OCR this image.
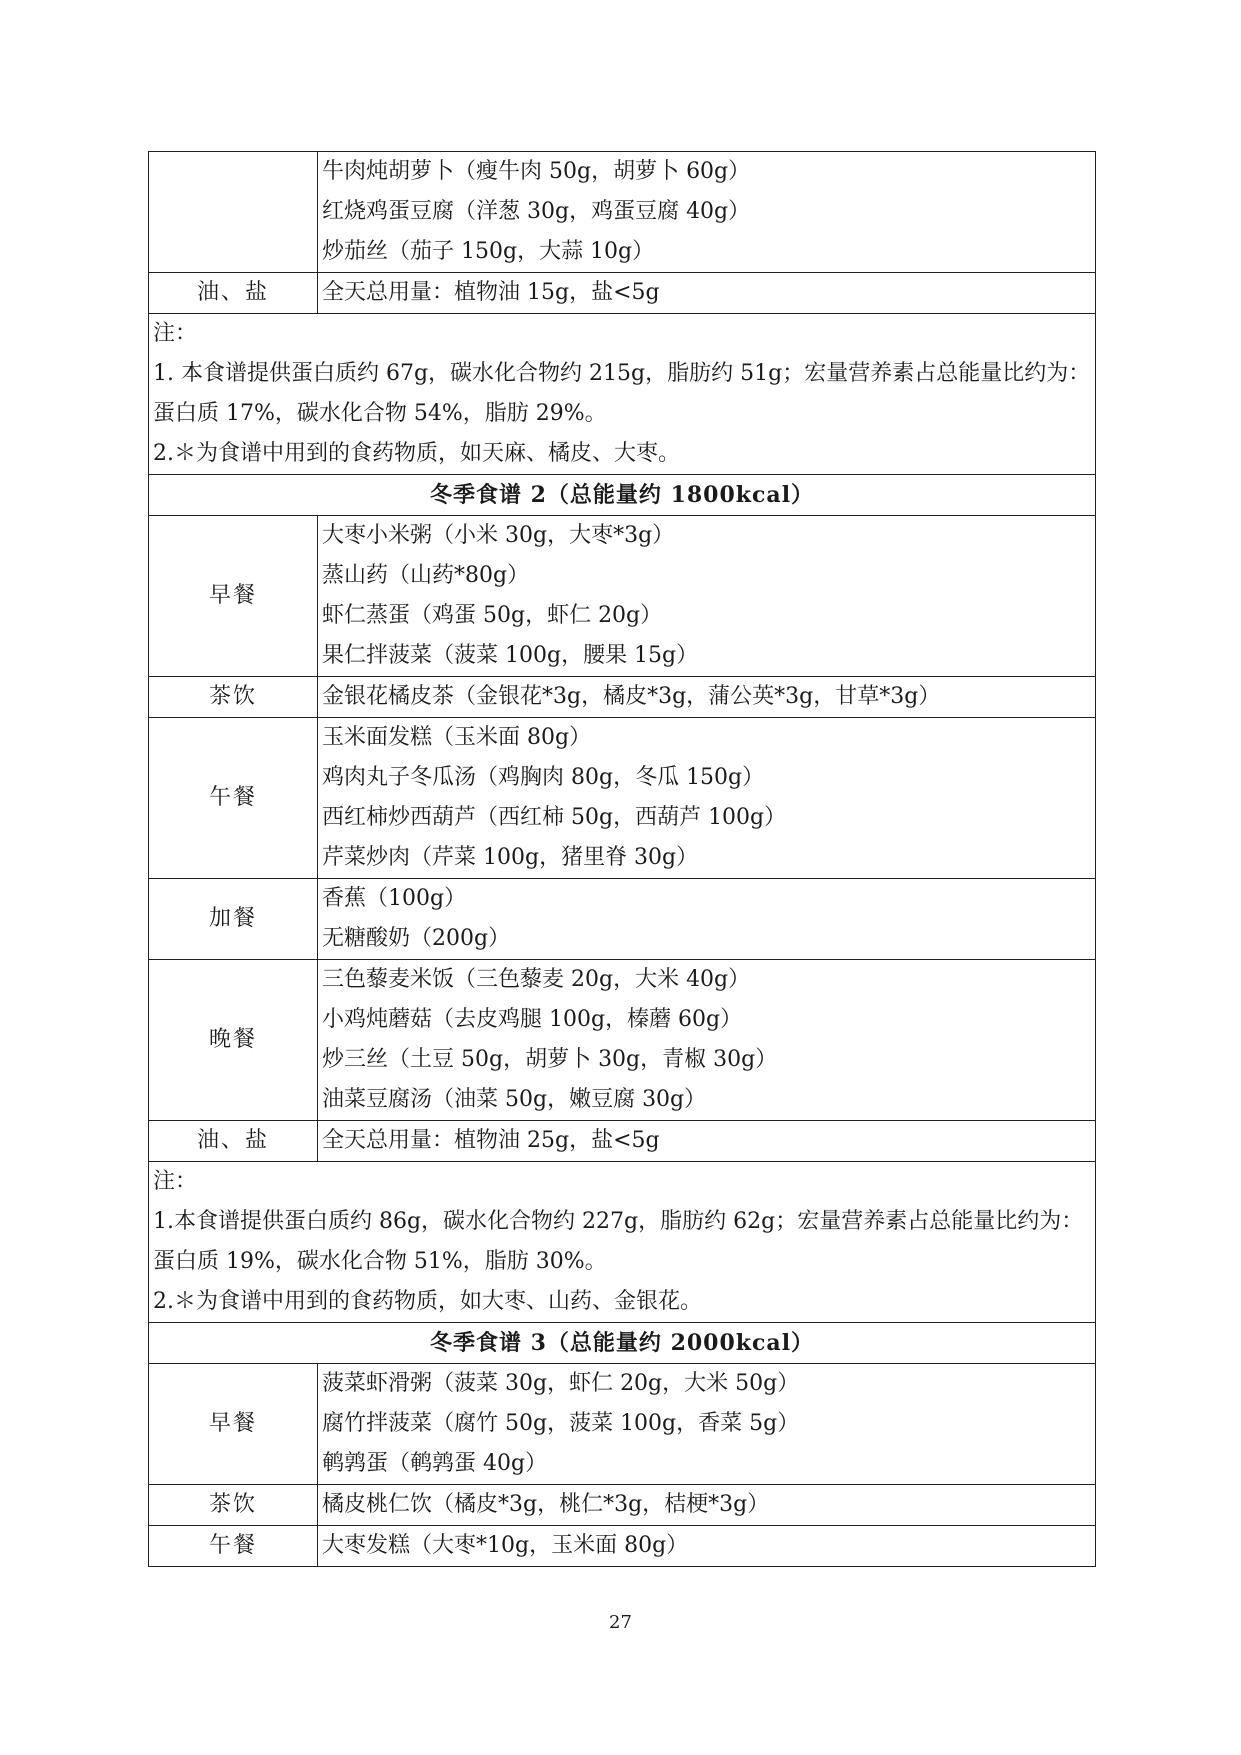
	牛肉炖胡萝卜（瘦牛肉 50g，胡萝卜 60g）
红烧鸡蛋豆腐（洋葱 30g，鸡蛋豆腐 40g）
炒茄丝（茄子 150g，大蒜 10g）

油、盐	全天总用量：植物油 15g，盐<5g

注：
1. 本食谱提供蛋白质约 67g，碳水化合物约 215g，脂肪约 51g；宏量营养素占总能量比约为：蛋白质 17%，碳水化合物 54%，脂肪 29%。
2.＊为食谱中用到的食药物质，如天麻、橘皮、大枣。	

冬季食谱 2（总能量约 1800kcal）	
早餐	大枣小米粥（小米 30g，大枣*3g）
蒸山药（山药*80g）
虾仁蒸蛋（鸡蛋 50g，虾仁 20g）
果仁拌菠菜（菠菜 100g，腰果 15g）

茶饮	金银花橘皮茶（金银花*3g，橘皮*3g，蒲公英*3g，甘草*3g）

午餐	玉米面发糕（玉米面 80g）
鸡肉丸子冬瓜汤（鸡胸肉 80g，冬瓜 150g）
西红柿炒西葫芦（西红柿 50g，西葫芦 100g）
芹菜炒肉（芹菜 100g，猪里脊 30g）

加餐	香蕉（100g）
无糖酸奶（200g）

晚餐	三色藜麦米饭（三色藜麦 20g，大米 40g）
小鸡炖蘑菇（去皮鸡腿 100g，榛蘑 60g）
炒三丝（土豆 50g，胡萝卜 30g，青椒 30g）
油菜豆腐汤（油菜 50g，嫩豆腐 30g）

油、盐	全天总用量：植物油 25g，盐<5g

注：
1.本食谱提供蛋白质约 86g，碳水化合物约 227g，脂肪约 62g；宏量营养素占总能量比约为：蛋白质 19%，碳水化合物 51%，脂肪 30%。
2.＊为食谱中用到的食药物质，如大枣、山药、金银花。	

冬季食谱 3（总能量约 2000kcal）	
早餐	菠菜虾滑粥（菠菜 30g，虾仁 20g，大米 50g）
腐竹拌菠菜（腐竹 50g，菠菜 100g，香菜 5g）
鹌鹑蛋（鹌鹑蛋 40g）

茶饮	橘皮桃仁饮（橘皮*3g，桃仁*3g，桔梗*3g）

午餐	大枣发糕（大枣*10g，玉米面 80g）
27
